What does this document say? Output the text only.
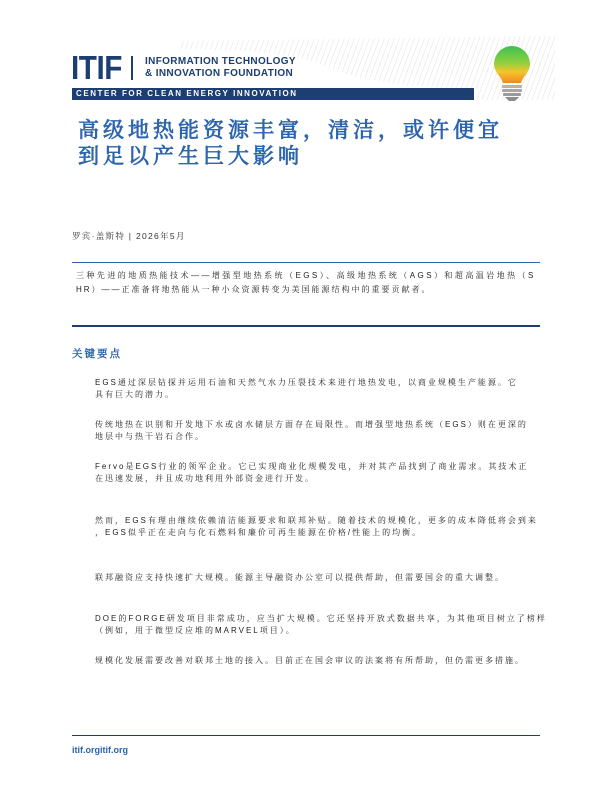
ITIF INFORMATION TECHNOLOGY
& INNOVATION FOUNDATION
CENTER FOR CLEAN ENERGY INNOVATION
高级地热能资源丰富，清洁，或许便宜
到足以产生巨大影响
罗宾·盖斯特 | 2026年5月
三种先进的地质热能技术——增强型地热系统（EGS）、高级地热系统（AGS）和超高温岩地热（S
HR）——正准备将地热能从一种小众资源转变为美国能源结构中的重要贡献者。
关键要点
EGS通过深层钻探并运用石油和天然气水力压裂技术来进行地热发电，以商业规模生产能源。它
具有巨大的潜力。
传统地热在识别和开发地下水或卤水储层方面存在局限性。而增强型地热系统（EGS）则在更深的
地层中与热干岩石合作。
Fervo是EGS行业的领军企业。它已实现商业化规模发电，并对其产品找到了商业需求。其技术正
在迅速发展，并且成功地利用外部资金进行开发。
然而，EGS有理由继续依赖清洁能源要求和联邦补贴。随着技术的规模化，更多的成本降低将会到来
，EGS似乎正在走向与化石燃料和廉价可再生能源在价格/性能上的均衡。
联邦融资应支持快速扩大规模。能源主导融资办公室可以提供帮助，但需要国会的重大调整。
DOE的FORGE研发项目非常成功，应当扩大规模。它还坚持开放式数据共享，为其他项目树立了榜样
（例如，用于微型反应堆的MARVEL项目）。
规模化发展需要改善对联邦土地的接入。目前正在国会审议的法案将有所帮助，但仍需更多措施。
itif.orgitif.org
